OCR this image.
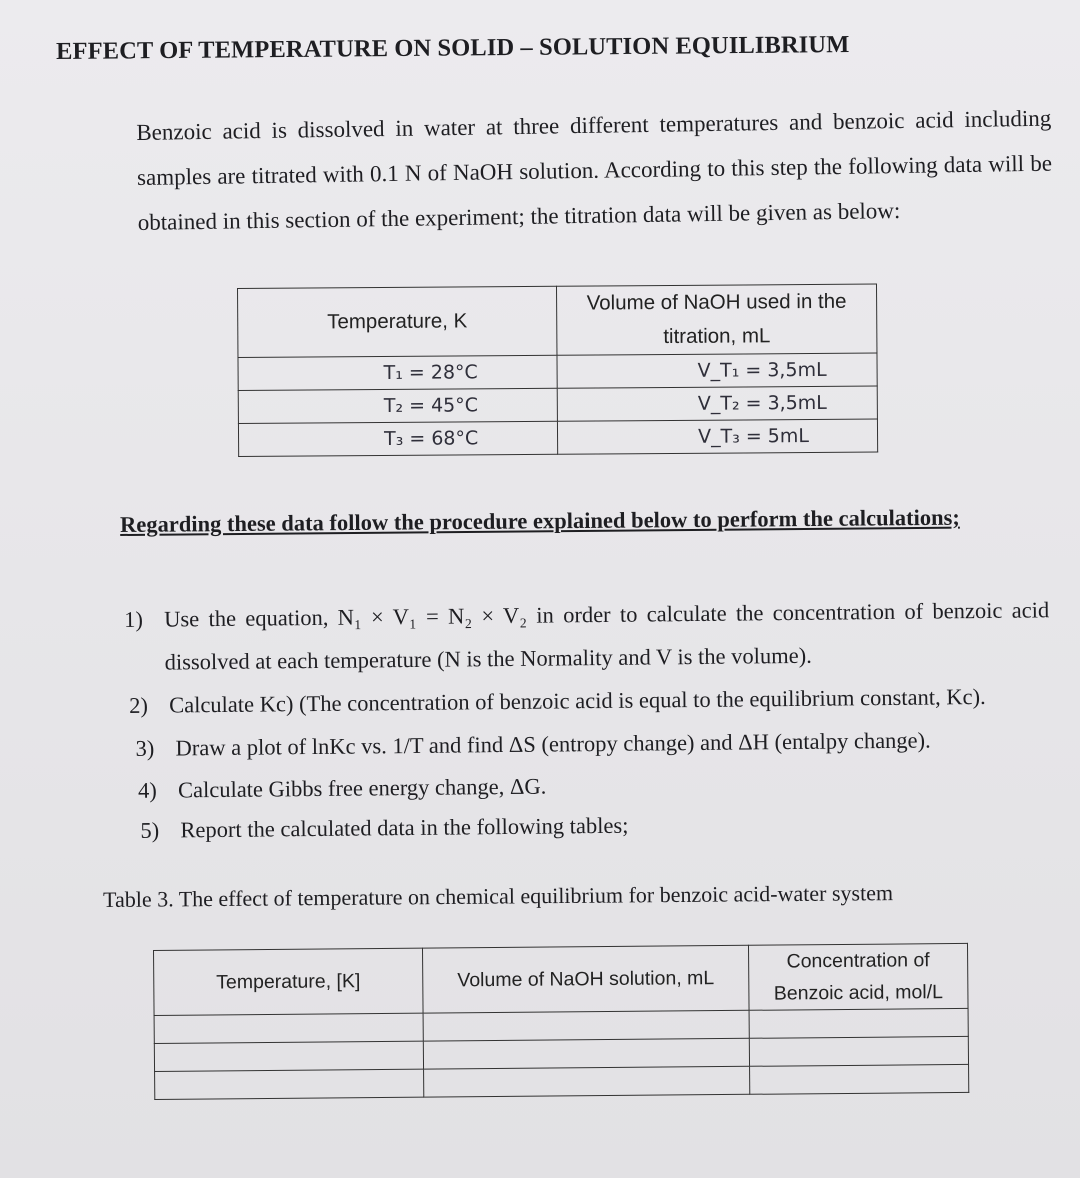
EFFECT OF TEMPERATURE ON SOLID – SOLUTION EQUILIBRIUM

Benzoic acid is dissolved in water at three different temperatures and benzoic acid including samples are titrated with 0.1 N of NaOH solution. According to this step the following data will be obtained in this section of the experiment; the titration data will be given as below:

Temperature, K	Volume of NaOH used in the titration, mL
T₁ = 28°C	V_T₁ = 3,5mL
T₂ = 45°C	V_T₂ = 3,5mL
T₃ = 68°C	V_T₃ = 5mL
Regarding these data follow the procedure explained below to perform the calculations;
1) Use the equation, N₁ × V₁ = N₂ × V₂ in order to calculate the concentration of benzoic acid dissolved at each temperature (N is the Normality and V is the volume).
2) Calculate Kc) (The concentration of benzoic acid is equal to the equilibrium constant, Kc).
3) Draw a plot of lnKc vs. 1/T and find ΔS (entropy change) and ΔH (entalpy change).
4) Calculate Gibbs free energy change, ΔG.
5) Report the calculated data in the following tables;
Table 3. The effect of temperature on chemical equilibrium for benzoic acid-water system
Temperature, [K]	Volume of NaOH solution, mL	Concentration of Benzoic acid, mol/L
